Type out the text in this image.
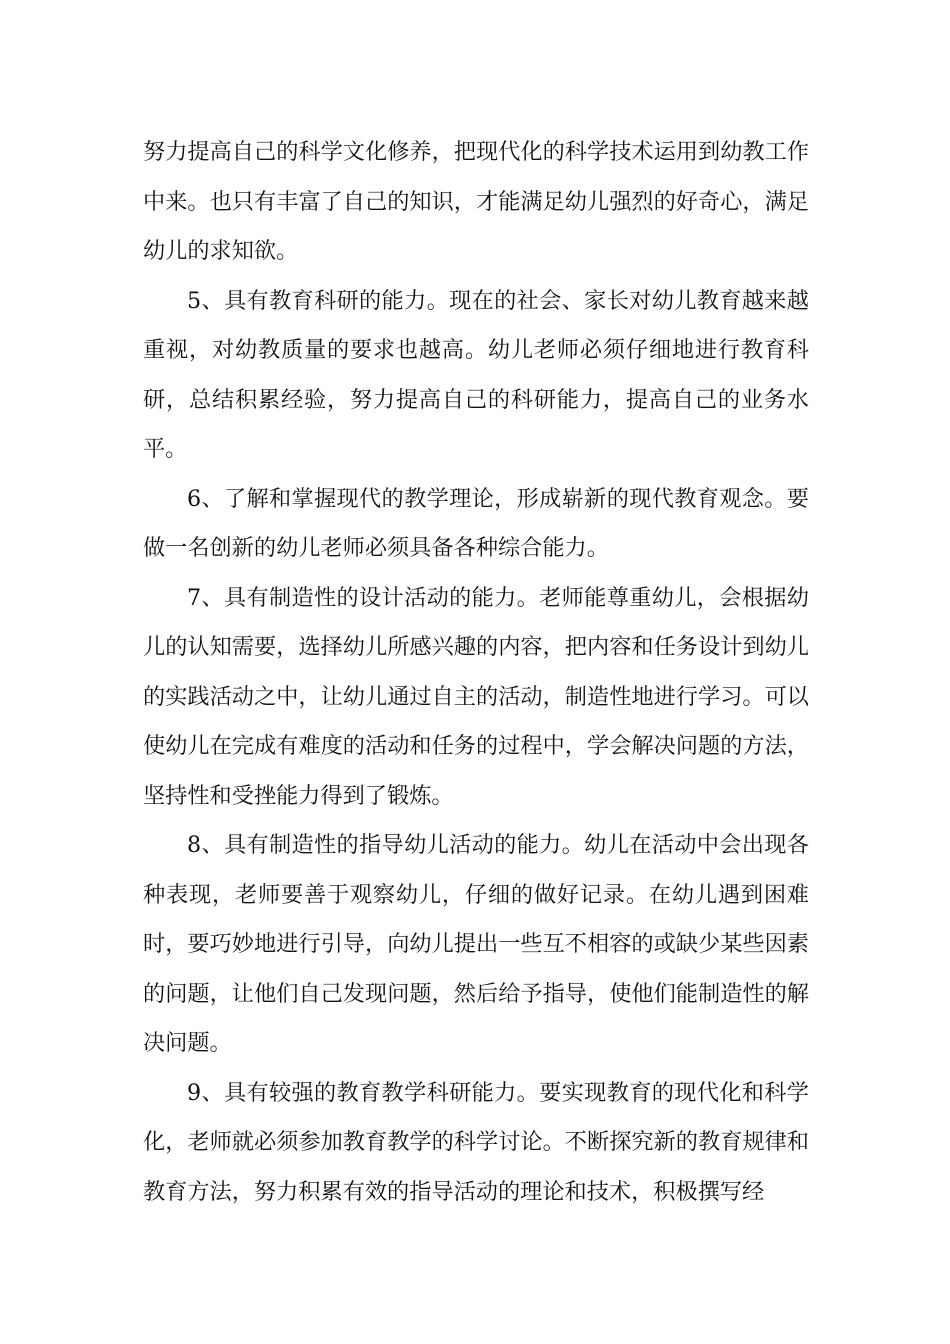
努力提高自己的科学文化修养，把现代化的科学技术运用到幼教工作中来。也只有丰富了自己的知识，才能满足幼儿强烈的好奇心，满足幼儿的求知欲。

5、具有教育科研的能力。现在的社会、家长对幼儿教育越来越重视，对幼教质量的要求也越高。幼儿老师必须仔细地进行教育科研，总结积累经验，努力提高自己的科研能力，提高自己的业务水平。

6、了解和掌握现代的教学理论，形成崭新的现代教育观念。要做一名创新的幼儿老师必须具备各种综合能力。

7、具有制造性的设计活动的能力。老师能尊重幼儿，会根据幼儿的认知需要，选择幼儿所感兴趣的内容，把内容和任务设计到幼儿的实践活动之中，让幼儿通过自主的活动，制造性地进行学习。可以使幼儿在完成有难度的活动和任务的过程中，学会解决问题的方法，坚持性和受挫能力得到了锻炼。

8、具有制造性的指导幼儿活动的能力。幼儿在活动中会出现各种表现，老师要善于观察幼儿，仔细的做好记录。在幼儿遇到困难时，要巧妙地进行引导，向幼儿提出一些互不相容的或缺少某些因素的问题，让他们自己发现问题，然后给予指导，使他们能制造性的解决问题。

9、具有较强的教育教学科研能力。要实现教育的现代化和科学化，老师就必须参加教育教学的科学讨论。不断探究新的教育规律和教育方法，努力积累有效的指导活动的理论和技术，积极撰写经
